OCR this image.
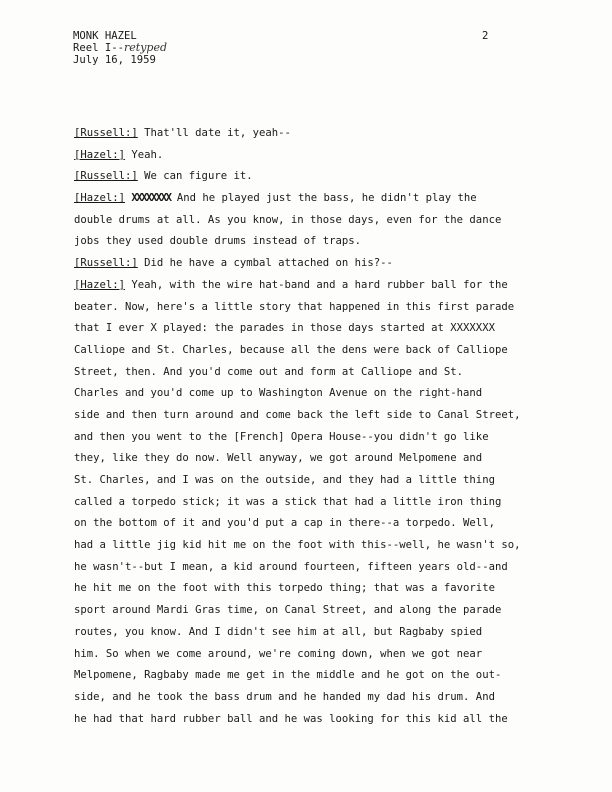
MONK HAZEL
Reel I--retyped
July 16, 1959
2
[Russell:] That'll date it, yeah--
[Hazel:] Yeah.
[Russell:] We can figure it.
[Hazel:] XXXXXXXX And he played just the bass, he didn't play the
double drums at all. As you know, in those days, even for the dance
jobs they used double drums instead of traps.
[Russell:] Did he have a cymbal attached on his?--
[Hazel:] Yeah, with the wire hat-band and a hard rubber ball for the
beater. Now, here's a little story that happened in this first parade
that I ever X played: the parades in those days started at XXXXXXX
Calliope and St. Charles, because all the dens were back of Calliope
Street, then. And you'd come out and form at Calliope and St.
Charles and you'd come up to Washington Avenue on the right-hand
side and then turn around and come back the left side to Canal Street,
and then you went to the [French] Opera House--you didn't go like
they, like they do now. Well anyway, we got around Melpomene and
St. Charles, and I was on the outside, and they had a little thing
called a torpedo stick; it was a stick that had a little iron thing
on the bottom of it and you'd put a cap in there--a torpedo. Well,
had a little jig kid hit me on the foot with this--well, he wasn't so,
he wasn't--but I mean, a kid around fourteen, fifteen years old--and
he hit me on the foot with this torpedo thing; that was a favorite
sport around Mardi Gras time, on Canal Street, and along the parade
routes, you know. And I didn't see him at all, but Ragbaby spied
him. So when we come around, we're coming down, when we got near
Melpomene, Ragbaby made me get in the middle and he got on the out-
side, and he took the bass drum and he handed my dad his drum. And
he had that hard rubber ball and he was looking for this kid all the
